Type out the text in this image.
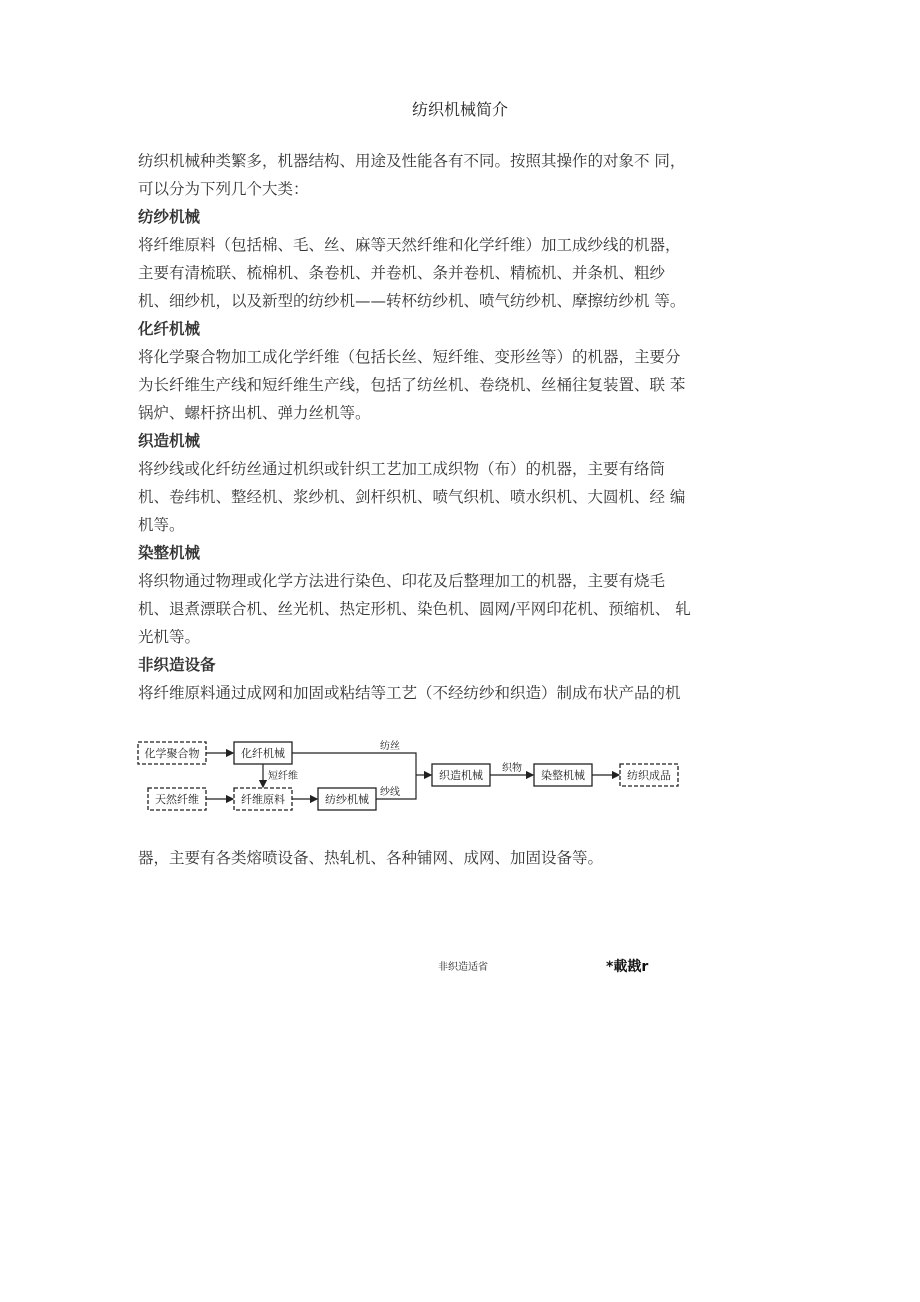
纺织机械简介

纺织机械种类繁多，机器结构、用途及性能各有不同。按照其操作的对象不 同，

可以分为下列几个大类：

纺纱机械

将纤维原料（包括棉、毛、丝、麻等天然纤维和化学纤维）加工成纱线的机器，

主要有清梳联、梳棉机、条卷机、并卷机、条并卷机、精梳机、并条机、粗纱

机、细纱机，以及新型的纺纱机——转杯纺纱机、喷气纺纱机、摩擦纺纱机 等。

化纤机械

将化学聚合物加工成化学纤维（包括长丝、短纤维、变形丝等）的机器，主要分

为长纤维生产线和短纤维生产线，包括了纺丝机、卷绕机、丝桶往复装置、联 苯

锅炉、螺杆挤出机、弹力丝机等。

织造机械

将纱线或化纤纺丝通过机织或针织工艺加工成织物（布）的机器，主要有络筒

机、卷纬机、整经机、浆纱机、剑杆织机、喷气织机、喷水织机、大圆机、经 编

机等。

染整机械

将织物通过物理或化学方法进行染色、印花及后整理加工的机器，主要有烧毛

机、退煮漂联合机、丝光机、热定形机、染色机、圆网/平网印花机、预缩机、 轧

光机等。

非织造设备

将纤维原料通过成网和加固或粘结等工艺（不经纺纱和织造）制成布状产品的机

化学聚合物	化纤机械
天然纤维	纤维原料	纺纱机械
织造机械	染整机械	纺织成品
纺丝
短纤维
纱线
织物
器，主要有各类熔喷设备、热轧机、各种铺网、成网、加固设备等。
非织造适省	*載戡r
